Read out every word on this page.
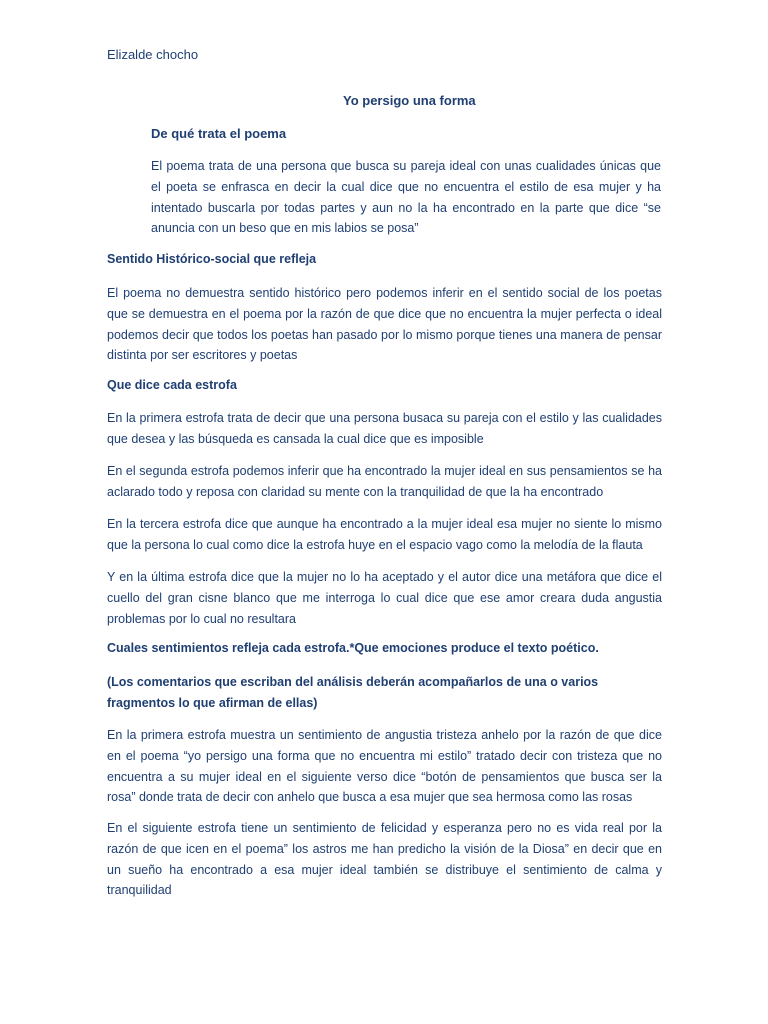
Elizalde chocho
Yo persigo una forma
De qué trata el poema
El poema trata de una persona que busca su pareja ideal con unas cualidades únicas que el poeta se enfrasca en decir la cual dice que no encuentra el estilo de esa mujer y ha intentado buscarla por todas partes y aun no la ha encontrado en la parte que dice “se anuncia con un beso que en mis labios se posa”
Sentido Histórico-social que refleja
El poema no demuestra sentido histórico pero podemos inferir en el sentido social de los poetas que se demuestra en el poema por la razón de que dice que no encuentra la mujer perfecta o ideal podemos decir que todos los poetas han pasado por lo mismo porque tienes una manera de pensar distinta por ser escritores y poetas
Que dice cada estrofa
En la primera estrofa trata de decir que una persona busaca su pareja con el estilo y las cualidades que desea y las búsqueda es cansada la cual dice que es imposible
En el segunda estrofa podemos inferir que ha encontrado la mujer ideal en sus pensamientos se ha aclarado todo y reposa con claridad su mente con la tranquilidad de que la ha encontrado
En la tercera estrofa dice que aunque ha encontrado a la mujer ideal esa mujer no siente lo mismo que la persona lo cual como dice la estrofa huye en el espacio vago como la melodía de la flauta
Y en la última estrofa dice que la mujer no lo ha aceptado y el autor dice una metáfora que dice el cuello del gran cisne blanco que me interroga lo cual dice que ese amor creara duda angustia problemas por lo cual no resultara
Cuales sentimientos refleja cada estrofa.*Que emociones produce el texto poético.
(Los comentarios que escriban del análisis deberán acompañarlos de una o varios fragmentos lo que afirman de ellas)
En la primera estrofa muestra un sentimiento de angustia tristeza anhelo por la razón de que dice en el poema “yo persigo una forma que no encuentra mi estilo” tratado decir con tristeza que no encuentra a su mujer ideal en el siguiente verso dice “botón de pensamientos que busca ser la rosa” donde trata de decir con anhelo que busca a esa mujer que sea hermosa como las rosas
En el siguiente estrofa tiene un sentimiento de felicidad y esperanza pero no es vida real por la razón de que icen en el poema” los astros me han predicho la visión de la Diosa” en decir que en un sueño ha encontrado a esa mujer ideal también se distribuye el sentimiento de calma y tranquilidad
